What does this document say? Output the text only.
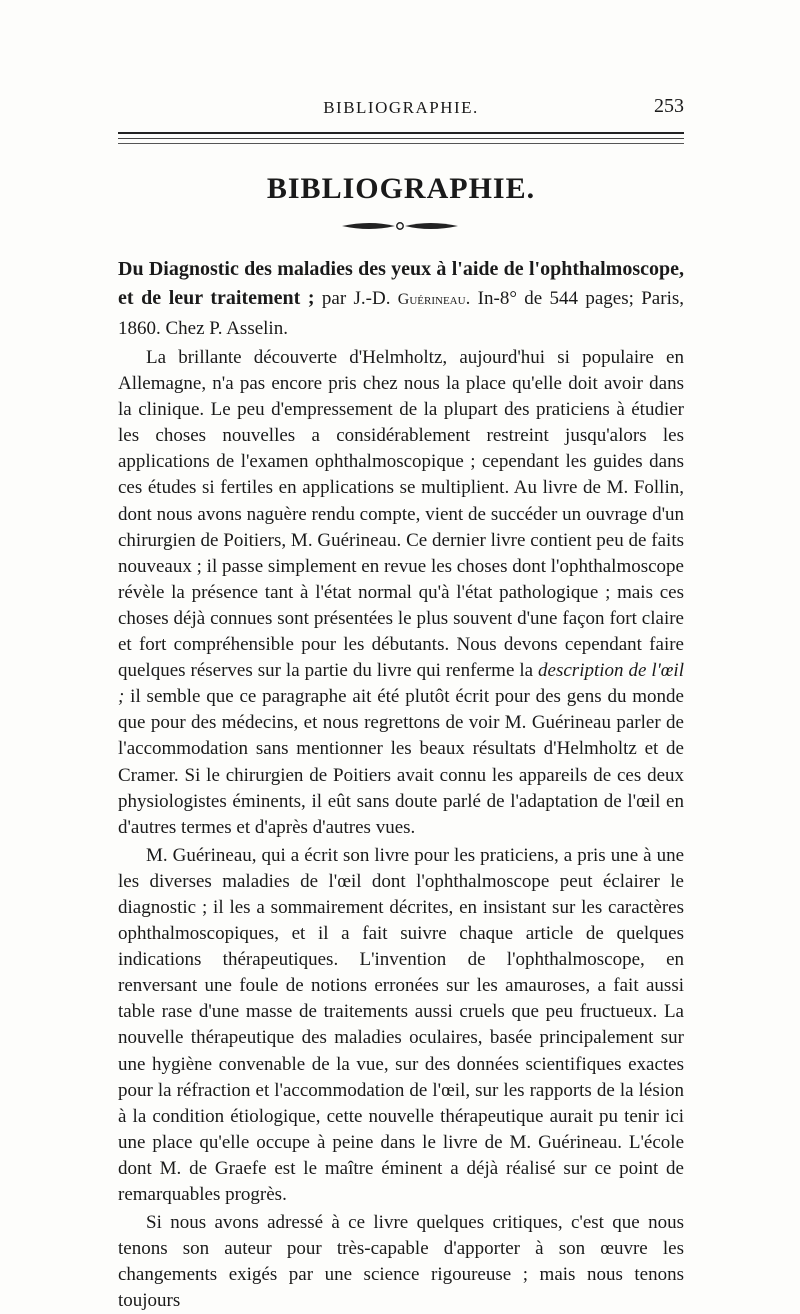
BIBLIOGRAPHIE.	253
BIBLIOGRAPHIE.
Du Diagnostic des maladies des yeux à l'aide de l'ophthalmoscope, et de leur traitement ; par J.-D. Guérineau. In-8° de 544 pages; Paris, 1860. Chez P. Asselin.

La brillante découverte d'Helmholtz, aujourd'hui si populaire en Allemagne, n'a pas encore pris chez nous la place qu'elle doit avoir dans la clinique. Le peu d'empressement de la plupart des praticiens à étudier les choses nouvelles a considérablement restreint jusqu'alors les applications de l'examen ophthalmoscopique ; cependant les guides dans ces études si fertiles en applications se multiplient. Au livre de M. Follin, dont nous avons naguère rendu compte, vient de succéder un ouvrage d'un chirurgien de Poitiers, M. Guérineau. Ce dernier livre contient peu de faits nouveaux ; il passe simplement en revue les choses dont l'ophthalmoscope révèle la présence tant à l'état normal qu'à l'état pathologique ; mais ces choses déjà connues sont présentées le plus souvent d'une façon fort claire et fort compréhensible pour les débutants. Nous devons cependant faire quelques réserves sur la partie du livre qui renferme la description de l'œil ; il semble que ce paragraphe ait été plutôt écrit pour des gens du monde que pour des médecins, et nous regrettons de voir M. Guérineau parler de l'accommodation sans mentionner les beaux résultats d'Helmholtz et de Cramer. Si le chirurgien de Poitiers avait connu les appareils de ces deux physiologistes éminents, il eût sans doute parlé de l'adaptation de l'œil en d'autres termes et d'après d'autres vues.

M. Guérineau, qui a écrit son livre pour les praticiens, a pris une à une les diverses maladies de l'œil dont l'ophthalmoscope peut éclairer le diagnostic ; il les a sommairement décrites, en insistant sur les caractères ophthalmoscopiques, et il a fait suivre chaque article de quelques indications thérapeutiques. L'invention de l'ophthalmoscope, en renversant une foule de notions erronées sur les amauroses, a fait aussi table rase d'une masse de traitements aussi cruels que peu fructueux. La nouvelle thérapeutique des maladies oculaires, basée principalement sur une hygiène convenable de la vue, sur des données scientifiques exactes pour la réfraction et l'accommodation de l'œil, sur les rapports de la lésion à la condition étiologique, cette nouvelle thérapeutique aurait pu tenir ici une place qu'elle occupe à peine dans le livre de M. Guérineau. L'école dont M. de Graefe est le maître éminent a déjà réalisé sur ce point de remarquables progrès.

Si nous avons adressé à ce livre quelques critiques, c'est que nous tenons son auteur pour très-capable d'apporter à son œuvre les changements exigés par une science rigoureuse ; mais nous tenons toujours
